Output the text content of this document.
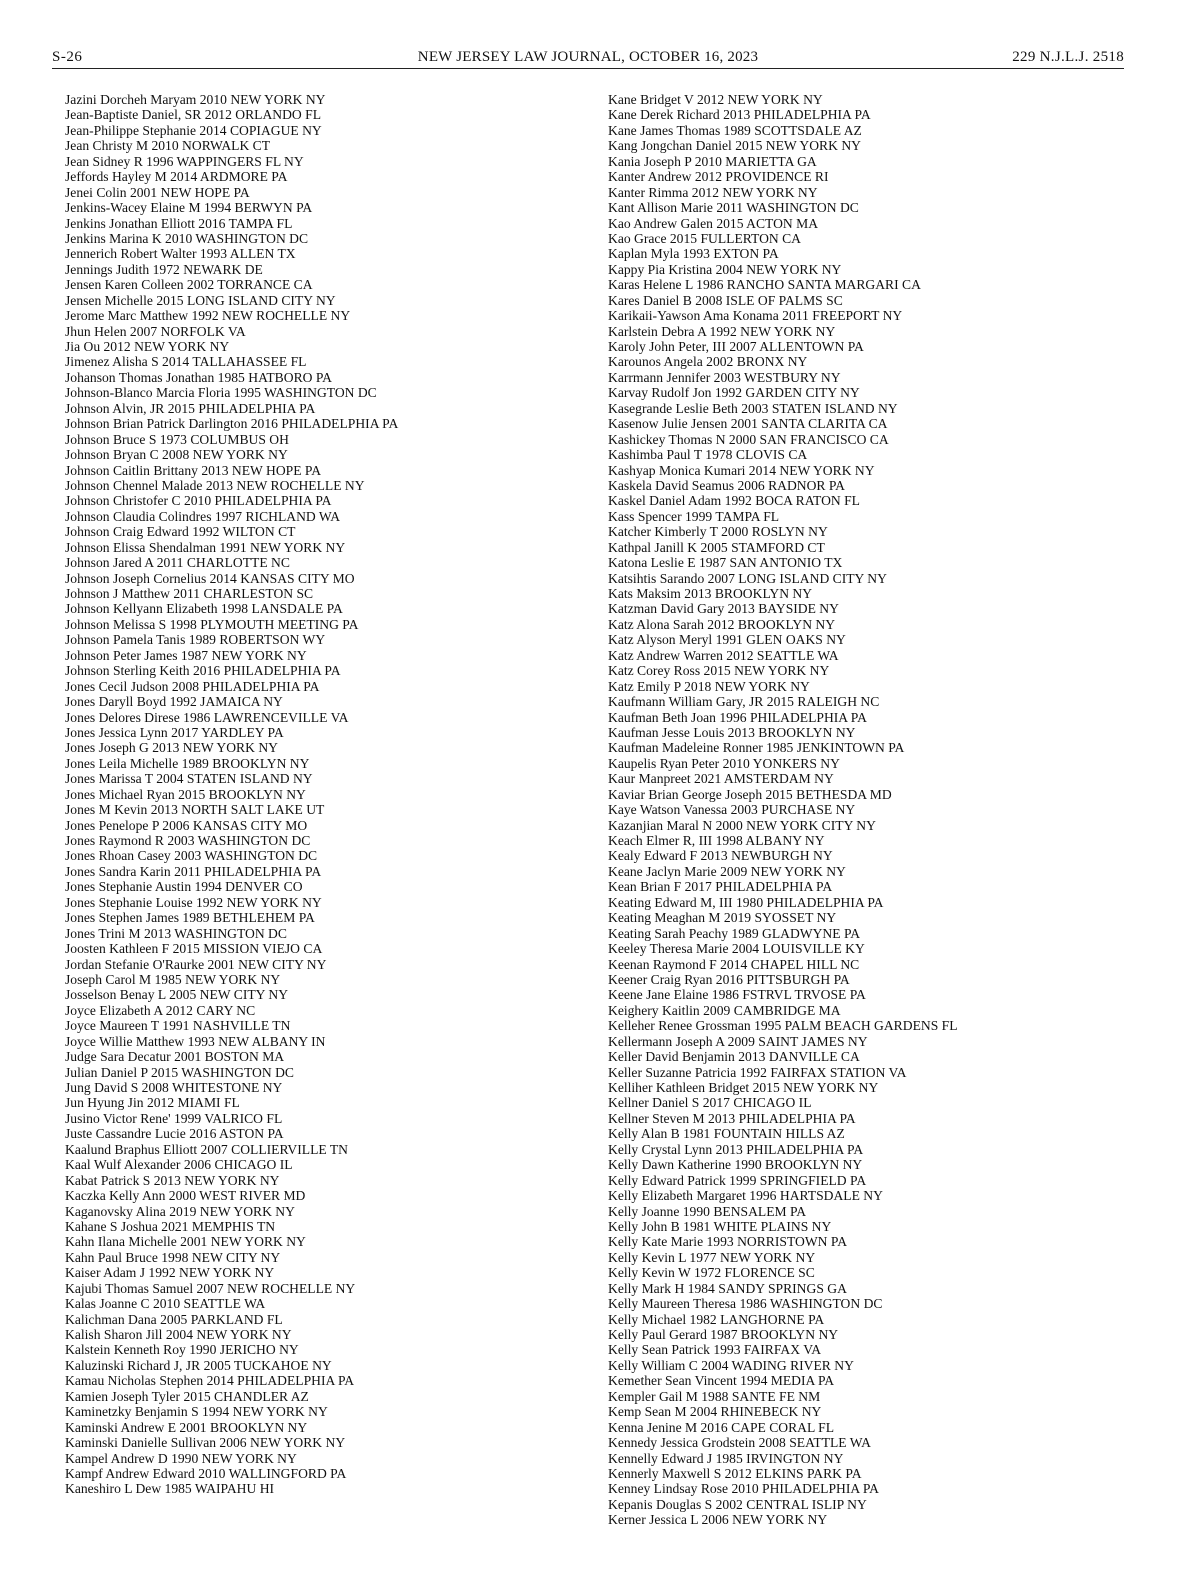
NEW JERSEY LAW JOURNAL, OCTOBER 16, 2023
S-26	229 N.J.L.J. 2518
Jazini Dorcheh Maryam 2010 NEW YORK NY
Jean-Baptiste Daniel, SR 2012 ORLANDO FL
Jean-Philippe Stephanie 2014 COPIAGUE NY
Jean Christy M 2010 NORWALK CT
Jean Sidney R 1996 WAPPINGERS FL NY
Jeffords Hayley M 2014 ARDMORE PA
Jenei Colin 2001 NEW HOPE PA
Jenkins-Wacey Elaine M 1994 BERWYN PA
Jenkins Jonathan Elliott 2016 TAMPA FL
Jenkins Marina K 2010 WASHINGTON DC
Jennerich Robert Walter 1993 ALLEN TX
Jennings Judith 1972 NEWARK DE
Jensen Karen Colleen 2002 TORRANCE CA
Jensen Michelle 2015 LONG ISLAND CITY NY
Jerome Marc Matthew 1992 NEW ROCHELLE NY
Jhun Helen 2007 NORFOLK VA
Jia Ou 2012 NEW YORK NY
Jimenez Alisha S 2014 TALLAHASSEE FL
Johanson Thomas Jonathan 1985 HATBORO PA
Johnson-Blanco Marcia Floria 1995 WASHINGTON DC
Johnson Alvin, JR 2015 PHILADELPHIA PA
Johnson Brian Patrick Darlington 2016 PHILADELPHIA PA
Johnson Bruce S 1973 COLUMBUS OH
Johnson Bryan C 2008 NEW YORK NY
Johnson Caitlin Brittany 2013 NEW HOPE PA
Johnson Chennel Malade 2013 NEW ROCHELLE NY
Johnson Christofer C 2010 PHILADELPHIA PA
Johnson Claudia Colindres 1997 RICHLAND WA
Johnson Craig Edward 1992 WILTON CT
Johnson Elissa Shendalman 1991 NEW YORK NY
Johnson Jared A 2011 CHARLOTTE NC
Johnson Joseph Cornelius 2014 KANSAS CITY MO
Johnson J Matthew 2011 CHARLESTON SC
Johnson Kellyann Elizabeth 1998 LANSDALE PA
Johnson Melissa S 1998 PLYMOUTH MEETING PA
Johnson Pamela Tanis 1989 ROBERTSON WY
Johnson Peter James 1987 NEW YORK NY
Johnson Sterling Keith 2016 PHILADELPHIA PA
Jones Cecil Judson 2008 PHILADELPHIA PA
Jones Daryll Boyd 1992 JAMAICA NY
Jones Delores Direse 1986 LAWRENCEVILLE VA
Jones Jessica Lynn 2017 YARDLEY PA
Jones Joseph G 2013 NEW YORK NY
Jones Leila Michelle 1989 BROOKLYN NY
Jones Marissa T 2004 STATEN ISLAND NY
Jones Michael Ryan 2015 BROOKLYN NY
Jones M Kevin 2013 NORTH SALT LAKE UT
Jones Penelope P 2006 KANSAS CITY MO
Jones Raymond R 2003 WASHINGTON DC
Jones Rhoan Casey 2003 WASHINGTON DC
Jones Sandra Karin 2011 PHILADELPHIA PA
Jones Stephanie Austin 1994 DENVER CO
Jones Stephanie Louise 1992 NEW YORK NY
Jones Stephen James 1989 BETHLEHEM PA
Jones Trini M 2013 WASHINGTON DC
Joosten Kathleen F 2015 MISSION VIEJO CA
Jordan Stefanie O'Raurke 2001 NEW CITY NY
Joseph Carol M 1985 NEW YORK NY
Josselson Benay L 2005 NEW CITY NY
Joyce Elizabeth A 2012 CARY NC
Joyce Maureen T 1991 NASHVILLE TN
Joyce Willie Matthew 1993 NEW ALBANY IN
Judge Sara Decatur 2001 BOSTON MA
Julian Daniel P 2015 WASHINGTON DC
Jung David S 2008 WHITESTONE NY
Jun Hyung Jin 2012 MIAMI FL
Jusino Victor Rene' 1999 VALRICO FL
Juste Cassandre Lucie 2016 ASTON PA
Kaalund Braphus Elliott 2007 COLLIERVILLE TN
Kaal Wulf Alexander 2006 CHICAGO IL
Kabat Patrick S 2013 NEW YORK NY
Kaczka Kelly Ann 2000 WEST RIVER MD
Kaganovsky Alina 2019 NEW YORK NY
Kahane S Joshua 2021 MEMPHIS TN
Kahn Ilana Michelle 2001 NEW YORK NY
Kahn Paul Bruce 1998 NEW CITY NY
Kaiser Adam J 1992 NEW YORK NY
Kajubi Thomas Samuel 2007 NEW ROCHELLE NY
Kalas Joanne C 2010 SEATTLE WA
Kalichman Dana 2005 PARKLAND FL
Kalish Sharon Jill 2004 NEW YORK NY
Kalstein Kenneth Roy 1990 JERICHO NY
Kaluzinski Richard J, JR 2005 TUCKAHOE NY
Kamau Nicholas Stephen 2014 PHILADELPHIA PA
Kamien Joseph Tyler 2015 CHANDLER AZ
Kaminetzky Benjamin S 1994 NEW YORK NY
Kaminski Andrew E 2001 BROOKLYN NY
Kaminski Danielle Sullivan 2006 NEW YORK NY
Kampel Andrew D 1990 NEW YORK NY
Kampf Andrew Edward 2010 WALLINGFORD PA
Kaneshiro L Dew 1985 WAIPAHU HI
Kane Bridget V 2012 NEW YORK NY
Kane Derek Richard 2013 PHILADELPHIA PA
Kane James Thomas 1989 SCOTTSDALE AZ
Kang Jongchan Daniel 2015 NEW YORK NY
Kania Joseph P 2010 MARIETTA GA
Kanter Andrew 2012 PROVIDENCE RI
Kanter Rimma 2012 NEW YORK NY
Kant Allison Marie 2011 WASHINGTON DC
Kao Andrew Galen 2015 ACTON MA
Kao Grace 2015 FULLERTON CA
Kaplan Myla 1993 EXTON PA
Kappy Pia Kristina 2004 NEW YORK NY
Karas Helene L 1986 RANCHO SANTA MARGARI CA
Kares Daniel B 2008 ISLE OF PALMS SC
Karikaii-Yawson Ama Konama 2011 FREEPORT NY
Karlstein Debra A 1992 NEW YORK NY
Karoly John Peter, III 2007 ALLENTOWN PA
Karounos Angela 2002 BRONX NY
Karrmann Jennifer 2003 WESTBURY NY
Karvay Rudolf Jon 1992 GARDEN CITY NY
Kasegrande Leslie Beth 2003 STATEN ISLAND NY
Kasenow Julie Jensen 2001 SANTA CLARITA CA
Kashickey Thomas N 2000 SAN FRANCISCO CA
Kashimba Paul T 1978 CLOVIS CA
Kashyap Monica Kumari 2014 NEW YORK NY
Kaskela David Seamus 2006 RADNOR PA
Kaskel Daniel Adam 1992 BOCA RATON FL
Kass Spencer 1999 TAMPA FL
Katcher Kimberly T 2000 ROSLYN NY
Kathpal Janill K 2005 STAMFORD CT
Katona Leslie E 1987 SAN ANTONIO TX
Katsihtis Sarando 2007 LONG ISLAND CITY NY
Kats Maksim 2013 BROOKLYN NY
Katzman David Gary 2013 BAYSIDE NY
Katz Alona Sarah 2012 BROOKLYN NY
Katz Alyson Meryl 1991 GLEN OAKS NY
Katz Andrew Warren 2012 SEATTLE WA
Katz Corey Ross 2015 NEW YORK NY
Katz Emily P 2018 NEW YORK NY
Kaufmann William Gary, JR 2015 RALEIGH NC
Kaufman Beth Joan 1996 PHILADELPHIA PA
Kaufman Jesse Louis 2013 BROOKLYN NY
Kaufman Madeleine Ronner 1985 JENKINTOWN PA
Kaupelis Ryan Peter 2010 YONKERS NY
Kaur Manpreet 2021 AMSTERDAM NY
Kaviar Brian George Joseph 2015 BETHESDA MD
Kaye Watson Vanessa 2003 PURCHASE NY
Kazanjian Maral N 2000 NEW YORK CITY NY
Keach Elmer R, III 1998 ALBANY NY
Kealy Edward F 2013 NEWBURGH NY
Keane Jaclyn Marie 2009 NEW YORK NY
Kean Brian F 2017 PHILADELPHIA PA
Keating Edward M, III 1980 PHILADELPHIA PA
Keating Meaghan M 2019 SYOSSET NY
Keating Sarah Peachy 1989 GLADWYNE PA
Keeley Theresa Marie 2004 LOUISVILLE KY
Keenan Raymond F 2014 CHAPEL HILL NC
Keener Craig Ryan 2016 PITTSBURGH PA
Keene Jane Elaine 1986 FSTRVL TRVOSE PA
Keighery Kaitlin 2009 CAMBRIDGE MA
Kelleher Renee Grossman 1995 PALM BEACH GARDENS FL
Kellermann Joseph A 2009 SAINT JAMES NY
Keller David Benjamin 2013 DANVILLE CA
Keller Suzanne Patricia 1992 FAIRFAX STATION VA
Kelliher Kathleen Bridget 2015 NEW YORK NY
Kellner Daniel S 2017 CHICAGO IL
Kellner Steven M 2013 PHILADELPHIA PA
Kelly Alan B 1981 FOUNTAIN HILLS AZ
Kelly Crystal Lynn 2013 PHILADELPHIA PA
Kelly Dawn Katherine 1990 BROOKLYN NY
Kelly Edward Patrick 1999 SPRINGFIELD PA
Kelly Elizabeth Margaret 1996 HARTSDALE NY
Kelly Joanne 1990 BENSALEM PA
Kelly John B 1981 WHITE PLAINS NY
Kelly Kate Marie 1993 NORRISTOWN PA
Kelly Kevin L 1977 NEW YORK NY
Kelly Kevin W 1972 FLORENCE SC
Kelly Mark H 1984 SANDY SPRINGS GA
Kelly Maureen Theresa 1986 WASHINGTON DC
Kelly Michael 1982 LANGHORNE PA
Kelly Paul Gerard 1987 BROOKLYN NY
Kelly Sean Patrick 1993 FAIRFAX VA
Kelly William C 2004 WADING RIVER NY
Kemether Sean Vincent 1994 MEDIA PA
Kempler Gail M 1988 SANTE FE NM
Kemp Sean M 2004 RHINEBECK NY
Kenna Jenine M 2016 CAPE CORAL FL
Kennedy Jessica Grodstein 2008 SEATTLE WA
Kennelly Edward J 1985 IRVINGTON NY
Kennerly Maxwell S 2012 ELKINS PARK PA
Kenney Lindsay Rose 2010 PHILADELPHIA PA
Kepanis Douglas S 2002 CENTRAL ISLIP NY
Kerner Jessica L 2006 NEW YORK NY
